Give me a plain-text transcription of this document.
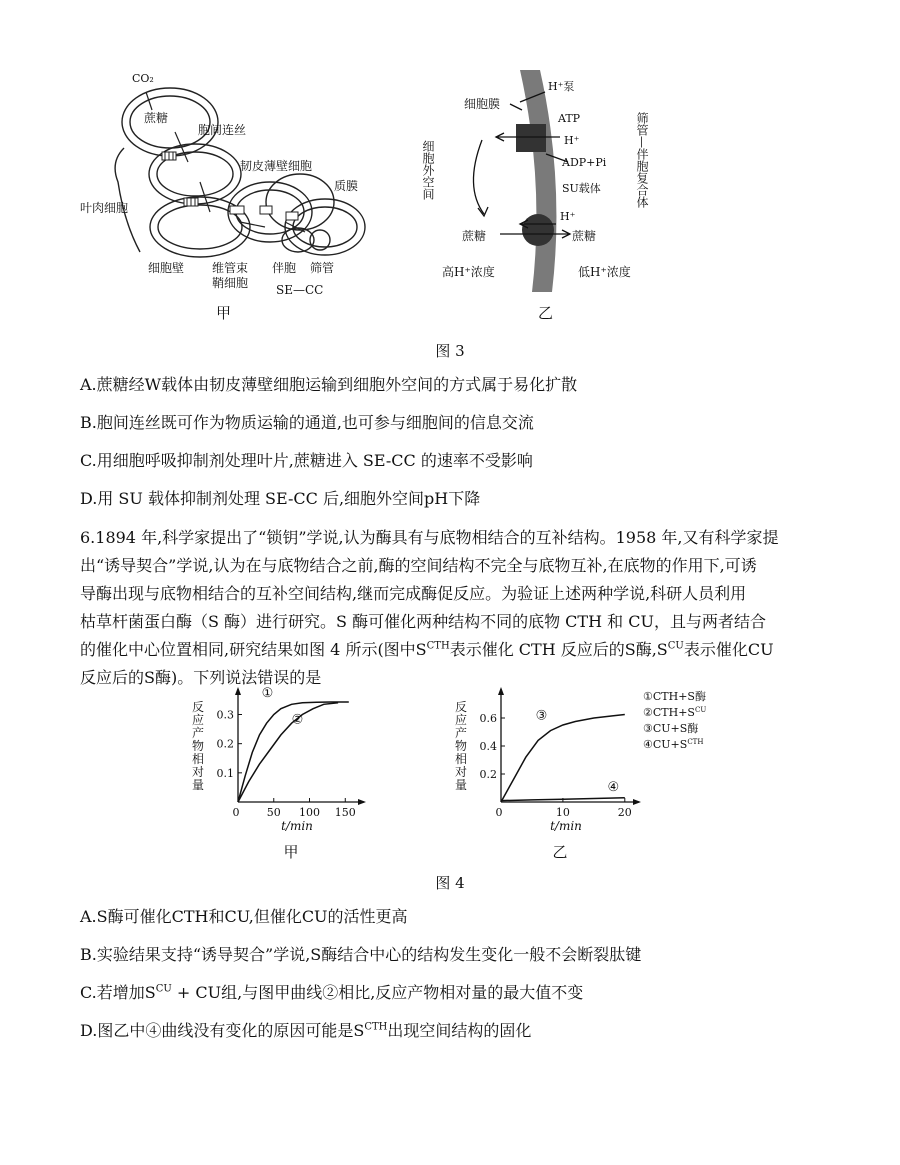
CO₂
蔗糖
胞间连丝
韧皮薄壁细胞
质膜
叶肉细胞
细胞壁 维管束
鞘细胞
伴胞 筛管
SE—CC
甲
H⁺泵
细胞膜
ATP
H⁺
ADP+Pi
SU载体
H⁺
蔗糖	蔗糖
细胞外空间	筛管—伴胞复合体
高H⁺浓度	低H⁺浓度
乙
图 3
A.蔗糖经W载体由韧皮薄壁细胞运输到细胞外空间的方式属于易化扩散
B.胞间连丝既可作为物质运输的通道,也可参与细胞间的信息交流
C.用细胞呼吸抑制剂处理叶片,蔗糖进入 SE-CC 的速率不受影响
D.用 SU 载体抑制剂处理 SE-CC 后,细胞外空间pH下降
6.1894 年,科学家提出了“锁钥”学说,认为酶具有与底物相结合的互补结构。1958 年,又有科学家提
出“诱导契合”学说,认为在与底物结合之前,酶的空间结构不完全与底物互补,在底物的作用下,可诱
导酶出现与底物相结合的互补空间结构,继而完成酶促反应。为验证上述两种学说,科研人员利用
枯草杆菌蛋白酶（S 酶）进行研究。S 酶可催化两种结构不同的底物 CTH 和 CU，且与两者结合
的催化中心位置相同,研究结果如图 4 所示(图中$S^{CTH}$表示催化 CTH 反应后的S酶$,S^{CU}$表示催化CU
反应后的S酶)。下列说法错误的是
反
应
产
物
相
对
量
0.1
0.2
0.3
0 50 100 150
t/min
①
②
甲
反
应
产
物
相
对
量
0.2
0.4
0.6
0	10	20
t/min
③
④
①CTH+S酶
$②CTH+S^{CU}$
③CU+S酶
$④CU+S^{CTH}$
乙
图 4
A.S酶可催化CTH和CU,但催化CU的活性更高
B.实验结果支持“诱导契合”学说,S酶结合中心的结构发生变化一般不会断裂肽键
C.若增加$S^{CU}$ + CU组,与图甲曲线②相比,反应产物相对量的最大值不变
D.图乙中④曲线没有变化的原因可能是$S^{CTH}$出现空间结构的固化
